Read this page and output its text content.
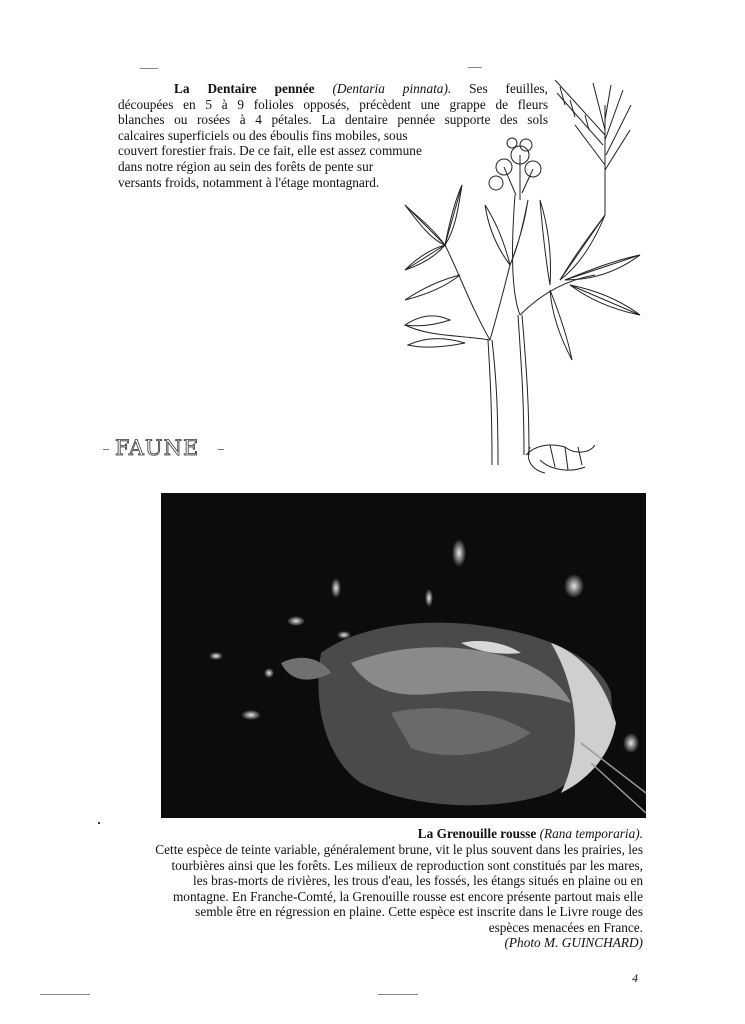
La Dentaire pennée (Dentaria pinnata). Ses feuilles,
découpées en 5 à 9 folioles opposés, précèdent une grappe de fleurs
blanches ou rosées à 4 pétales. La dentaire pennée supporte des sols
calcaires superficiels ou des éboulis fins mobiles, sous
couvert forestier frais. De ce fait, elle est assez commune
dans notre région au sein des forêts de pente sur
versants froids, notamment à l'étage montagnard.
FAUNE
La Grenouille rousse (Rana temporaria).
Cette espèce de teinte variable, généralement brune, vit le plus souvent dans les prairies, les
tourbières ainsi que les forêts. Les milieux de reproduction sont constitués par les mares,
les bras-morts de rivières, les trous d'eau, les fossés, les étangs situés en plaine ou en
montagne. En Franche-Comté, la Grenouille rousse est encore présente partout mais elle
semble être en régression en plaine. Cette espèce est inscrite dans le Livre rouge des
espèces menacées en France.
(Photo M. GUINCHARD)
4
